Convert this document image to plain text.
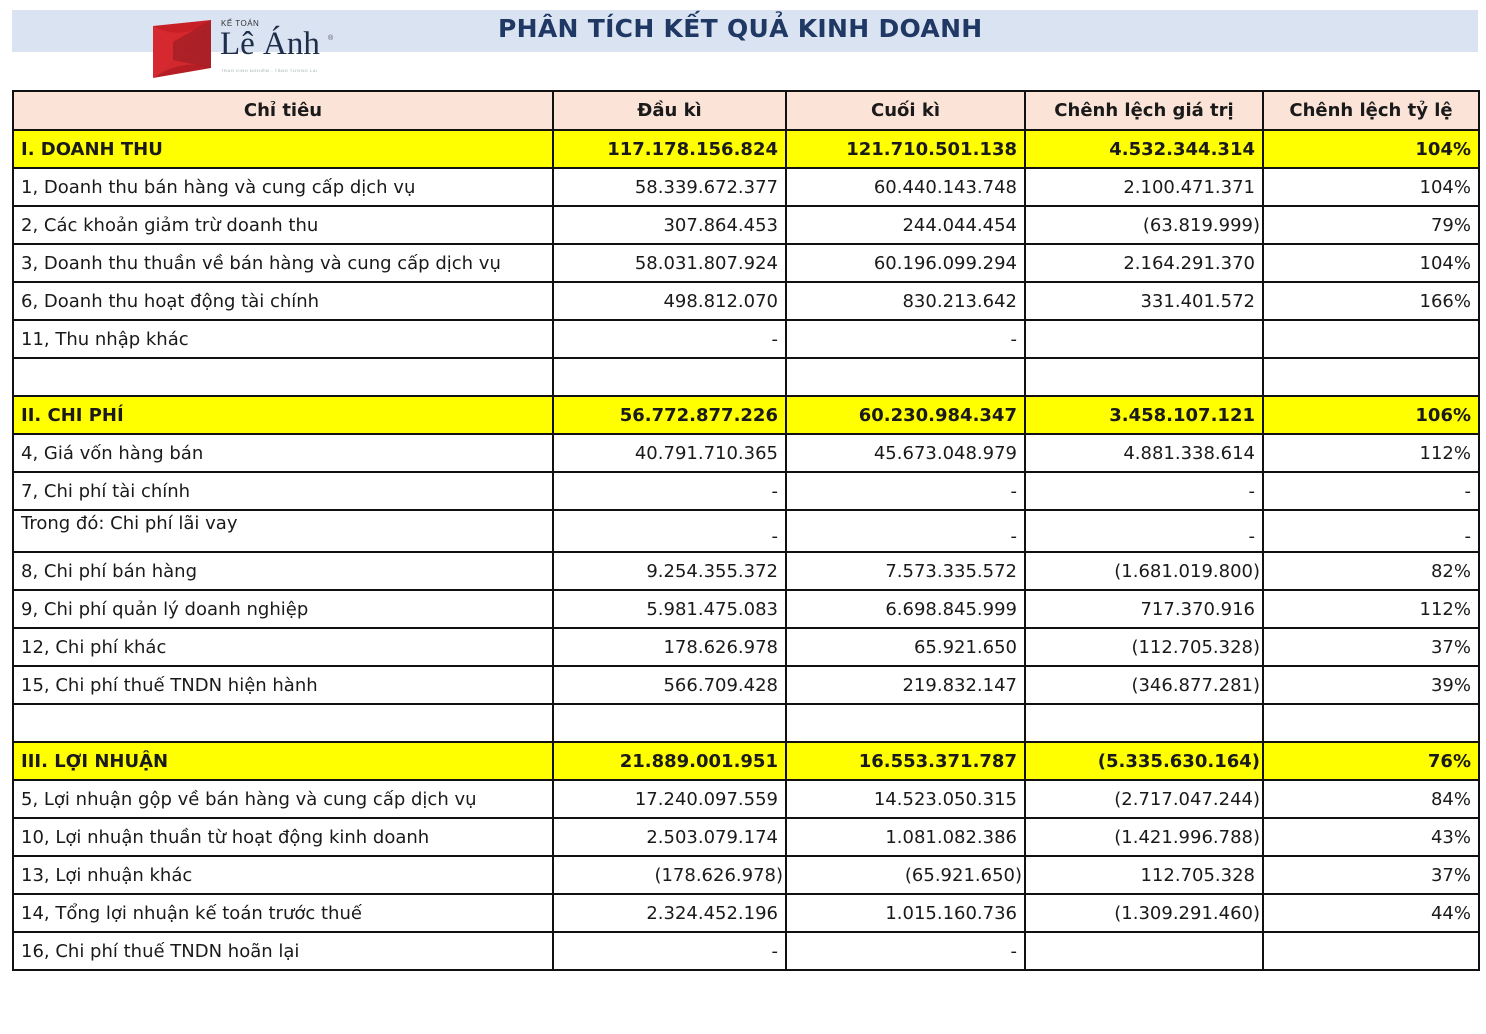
KẾ TOÁN
Lê Ánh ®
TRAO KINH NGHIỆM - TẶNG TƯƠNG LAI
PHÂN TÍCH KẾT QUẢ KINH DOANH
Chỉ tiêu	Đầu kì	Cuối kì	Chênh lệch giá trị	Chênh lệch tỷ lệ
I. DOANH THU	117.178.156.824	121.710.501.138	4.532.344.314	104%
1, Doanh thu bán hàng và cung cấp dịch vụ	58.339.672.377	60.440.143.748	2.100.471.371	104%
2, Các khoản giảm trừ doanh thu	307.864.453	244.044.454	(63.819.999)	79%
3, Doanh thu thuần về bán hàng và cung cấp dịch vụ	58.031.807.924	60.196.099.294	2.164.291.370	104%
6, Doanh thu hoạt động tài chính	498.812.070	830.213.642	331.401.572	166%
11, Thu nhập khác	-	-		

II. CHI PHÍ	56.772.877.226	60.230.984.347	3.458.107.121	106%
4, Giá vốn hàng bán	40.791.710.365	45.673.048.979	4.881.338.614	112%
7, Chi phí tài chính	-	-	-	-
Trong đó: Chi phí lãi vay	-	-	-	-
8, Chi phí bán hàng	9.254.355.372	7.573.335.572	(1.681.019.800)	82%
9, Chi phí quản lý doanh nghiệp	5.981.475.083	6.698.845.999	717.370.916	112%
12, Chi phí khác	178.626.978	65.921.650	(112.705.328)	37%
15, Chi phí thuế TNDN hiện hành	566.709.428	219.832.147	(346.877.281)	39%

III. LỢI NHUẬN	21.889.001.951	16.553.371.787	(5.335.630.164)	76%
5, Lợi nhuận gộp về bán hàng và cung cấp dịch vụ	17.240.097.559	14.523.050.315	(2.717.047.244)	84%
10, Lợi nhuận thuần từ hoạt động kinh doanh	2.503.079.174	1.081.082.386	(1.421.996.788)	43%
13, Lợi nhuận khác	(178.626.978)	(65.921.650)	112.705.328	37%
14, Tổng lợi nhuận kế toán trước thuế	2.324.452.196	1.015.160.736	(1.309.291.460)	44%
16, Chi phí thuế TNDN hoãn lại	-	-		
